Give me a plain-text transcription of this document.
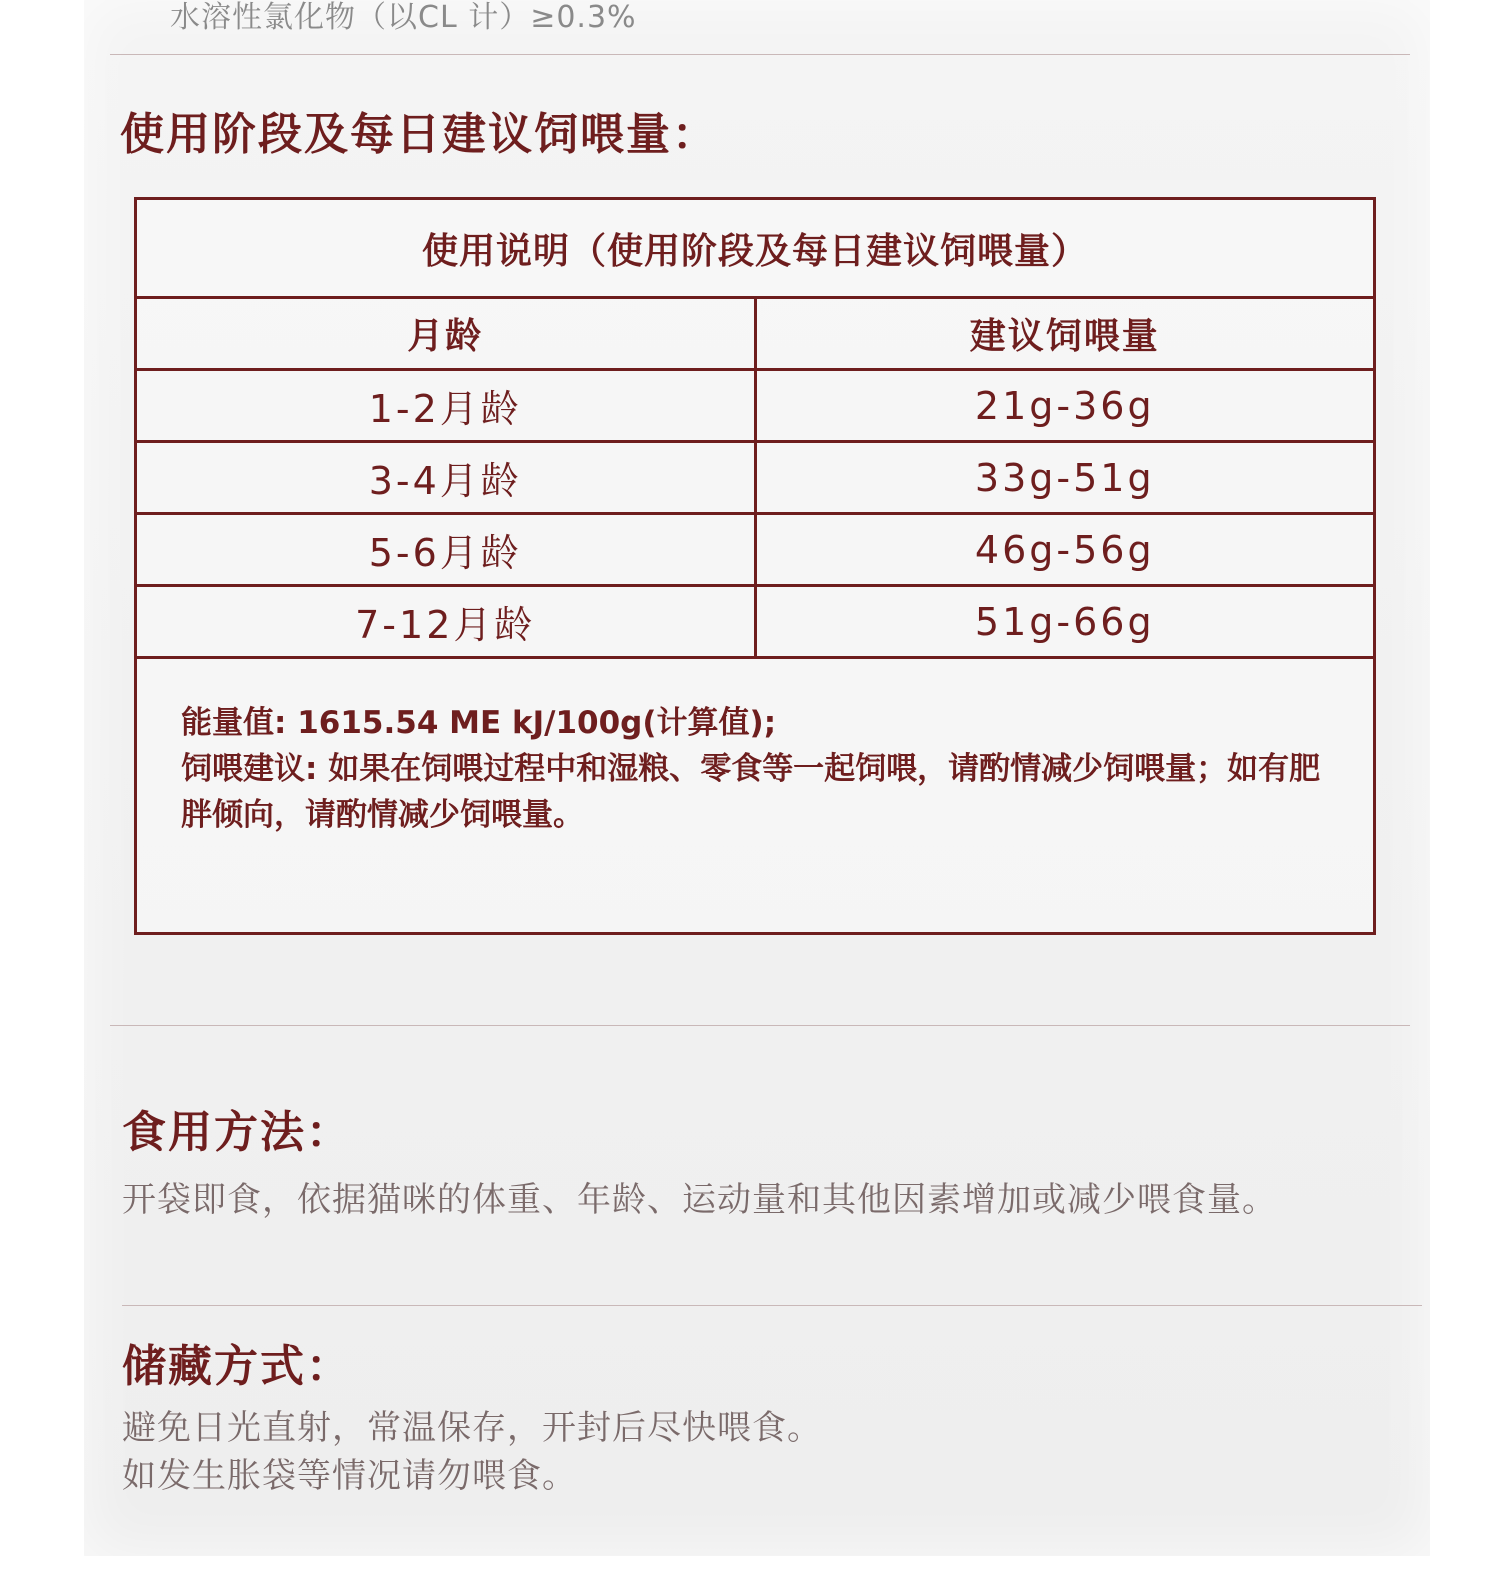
水溶性氯化物（以CL 计）≥0.3%
使用阶段及每日建议饲喂量：
使用说明（使用阶段及每日建议饲喂量）
月龄	建议饲喂量
1-2月龄	21g-36g
3-4月龄	33g-51g
5-6月龄	46g-56g
7-12月龄	51g-66g
能量值: 1615.54 ME kJ/100g(计算值);
饲喂建议: 如果在饲喂过程中和湿粮、零食等一起饲喂，请酌情减少饲喂量；如有肥胖倾向，请酌情减少饲喂量。
食用方法：
开袋即食，依据猫咪的体重、年龄、运动量和其他因素增加或减少喂食量。
储藏方式：
避免日光直射，常温保存，开封后尽快喂食。
如发生胀袋等情况请勿喂食。
